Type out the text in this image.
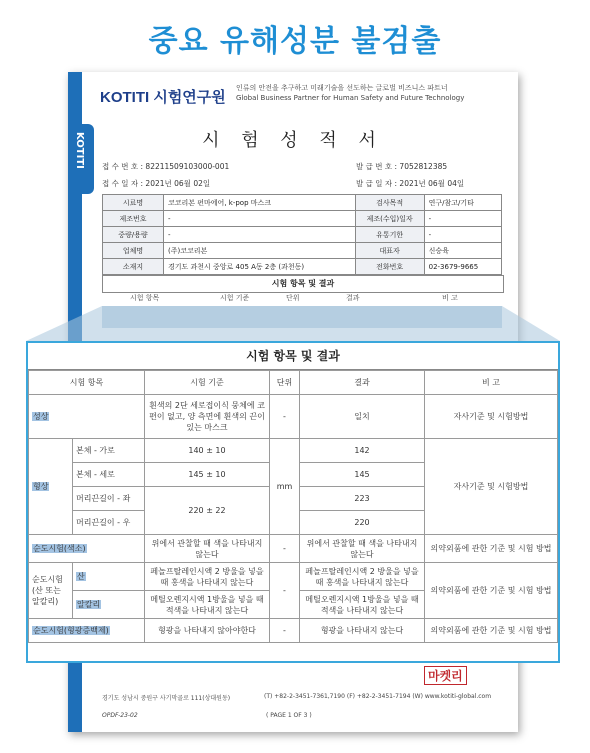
중요 유해성분 불검출
KOTITI
KOTITI 시험연구원
인류의 안전을 추구하고 미래기술을 선도하는 글로벌 비즈니스 파트너
Global Business Partner for Human Safety and Future Technology
시 험 성 적 서
접 수 번 호 : 82211509103000-001	발 급 번 호 : 7052812385
접 수 일 자 : 2021년 06월 02일	발 급 일 자 : 2021년 06월 04일
시료명	코코리본 펀마에어, k-pop 마스크	검사목적	연구/참고/기타
제조번호	-	제조(수입)일자	-
중량/용량	-	유통기한	-
업체명	(주)코코리본	대표자	신승육
소재지	경기도 과천시 중앙로 405 A동 2층 (과천동)	전화번호	02-3679-9665
시험 항목 및 결과
시험 항목	시험 기준	단위	결과	비 고
마켓리
경기도 성남시 중원구 사기막골로 111(상대원동)	(T) +82-2-3451-7361,7190 (F) +82-2-3451-7194 (W) www.kotiti-global.com
OPDF-23-02	( PAGE 1 OF 3 )
시험 항목 및 결과
시험 항목		시험 기준	단위	결과	비 고
성상		흰색의 2단 세로접이식 뭉체에 코편이 없고, 양 측면에 흰색의 끈이 있는 마스크	-	일치	자사기준 및 시험방법
형상	본체 - 가로	140 ± 10	mm	142	자사기준 및 시험방법
	본체 - 세로	145 ± 10		145	
	머리끈길이 - 좌	220 ± 22		223	
	머리끈길이 - 우			220	
순도시험(색소)		위에서 관찰할 때 색을 나타내지 않는다	-	위에서 관찰할 때 색을 나타내지 않는다	의약외품에 관한 기준 및 시험 방법
순도시험(산 또는 알칼리)	산	페놀프탈레인시액 2 방울을 넣을 때 홍색을 나타내지 않는다	-	페놀프탈레인시액 2 방울을 넣을 때 홍색을 나타내지 않는다	의약외품에 관한 기준 및 시험 방법
	알칼리	메틸오렌지시액 1방울을 넣을 때 적색을 나타내지 않는다		메틸오렌지시액 1방울을 넣을 때 적색을 나타내지 않는다	
순도시험(형광증백제)		형광을 나타내지 않아야한다	-	형광을 나타내지 않는다	의약외품에 관한 기준 및 시험 방법
